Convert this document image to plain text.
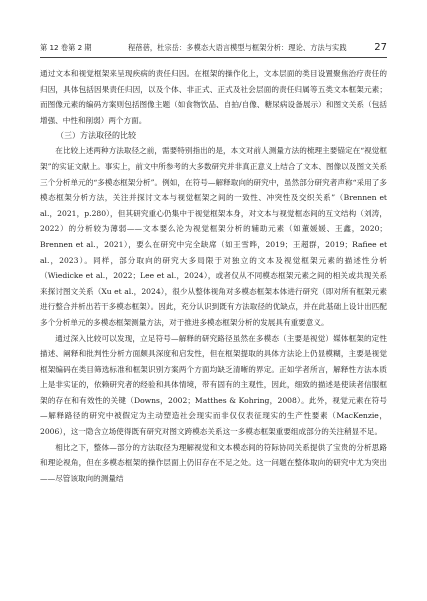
第 12 卷第 2 期	程蓓蓓，杜宗岳：多模态大语言模型与框架分析：理论、方法与实践	27

通过文本和视觉框架来呈现疾病的责任归因。在框架的操作化上，文本层面的类目设置聚焦治疗责任的归因，具体包括因果责任归因，以及个体、非正式、正式及社会层面的责任归属等五类文本框架元素；而图像元素的编码方案则包括图像主题（如食物饮品、自拍/自像、糖尿病设备展示）和图文关系（包括增强、中性和削弱）两个方面。

（三）方法取径的比较

在比较上述两种方法取径之前，需要特别指出的是，本文对前人测量方法的梳理主要锚定在“视觉框架”的实证文献上。事实上，前文中所参考的大多数研究并非真正意义上结合了文本、图像以及图文关系三个分析单元的“多模态框架分析”。例如，在符号—解释取向的研究中，虽然部分研究者声称“采用了多模态框架分析方法，关注并探讨文本与视觉框架之间的一致性、冲突性及交织关系”（Brennen et al.，2021，p.280），但其研究重心仍集中于视觉框架本身，对文本与视觉框态间的互文结构（刘涛，2022）的分析较为薄弱——文本要么沦为视觉框架分析的辅助元素（如董媛媛、王鑫，2020；Brennen et al.，2021），要么在研究中完全缺席（如王雪晔，2019；王超群，2019；Rafiee et al.，2023）。同样，部分取向的研究大多局限于对独立的文本及视觉框架元素的描述性分析（Wiedicke et al.，2022；Lee et al.，2024），或者仅从不同模态框架元素之间的相关或共现关系来探讨图文关系（Xu et al.，2024），很少从整体视角对多模态框架本体进行研究（即对所有框架元素进行整合并析出若干多模态框架）。因此，充分认识到既有方法取径的优缺点，并在此基础上设计出匹配多个分析单元的多模态框架测量方法，对于推进多模态框架分析的发展具有重要意义。

通过深入比较可以发现，立足符号—解释的研究路径虽然在多模态（主要是视觉）媒体框架的定性描述、阐释和批判性分析方面颇具深度和启发性，但在框架提取的具体方法论上仍显模糊，主要是视觉框架编码在类目筛选标准和框架识别方案两个方面均缺乏清晰的界定。正如学者所言，解释性方法本质上是非实证的，依赖研究者的经验和具体情境，带有固有的主观性，因此，细致的描述是使读者信服框架的存在和有效性的关键（Downs，2002；Matthes & Kohring，2008）。此外，视觉元素在符号—解释路径的研究中被假定为主动塑造社会现实而非仅仅表征现实的生产性要素（MacKenzie，2006），这一隐含立场使得既有研究对图文跨模态关系这一多模态框架重要组成部分的关注稍显不足。

相比之下，整体—部分的方法取径为理解视觉和文本模态间的符际协同关系提供了宝贵的分析思路和理论视角，但在多模态框架的操作层面上仍旧存在不足之处。这一问题在整体取向的研究中尤为突出——尽管该取向的测量结
